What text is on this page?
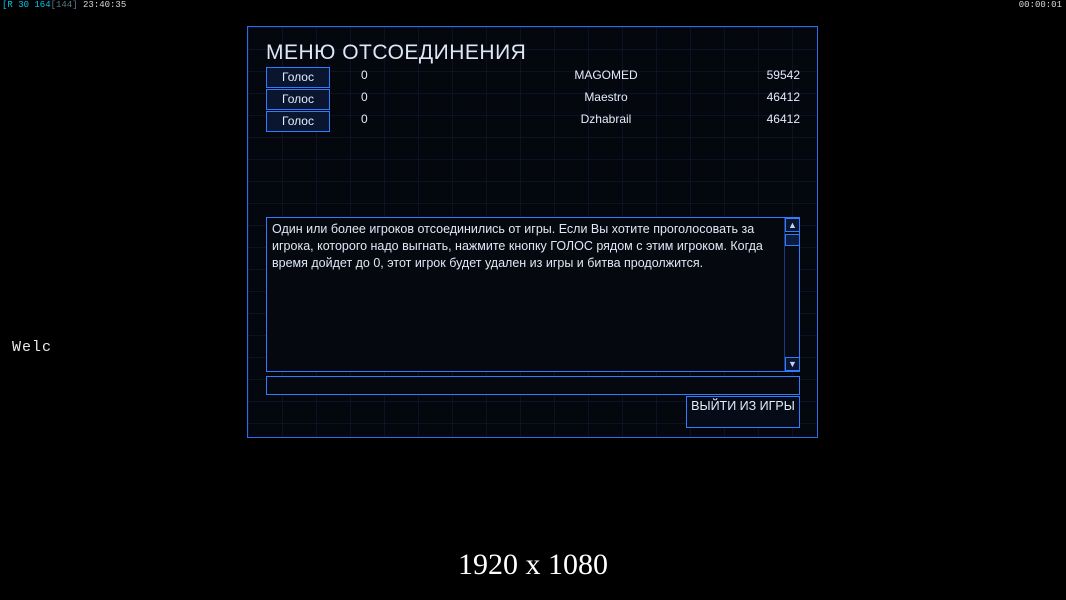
[R 30 164[144] 23:40:35	00:00:01
Welc
1920 x 1080
МЕНЮ ОТСОЕДИНЕНИЯ
Голос	0	MAGOMED	59542
Голос	0	Maestro	46412
Голос	0	Dzhabrail	46412
Один или более игроков отсоединились от игры. Если Вы хотите проголосовать за игрока, которого надо выгнать, нажмите кнопку ГОЛОС рядом с этим игроком. Когда время дойдет до 0, этот игрок будет удален из игры и битва продолжится.
▲
▼
ВЫЙТИ ИЗ ИГРЫ
